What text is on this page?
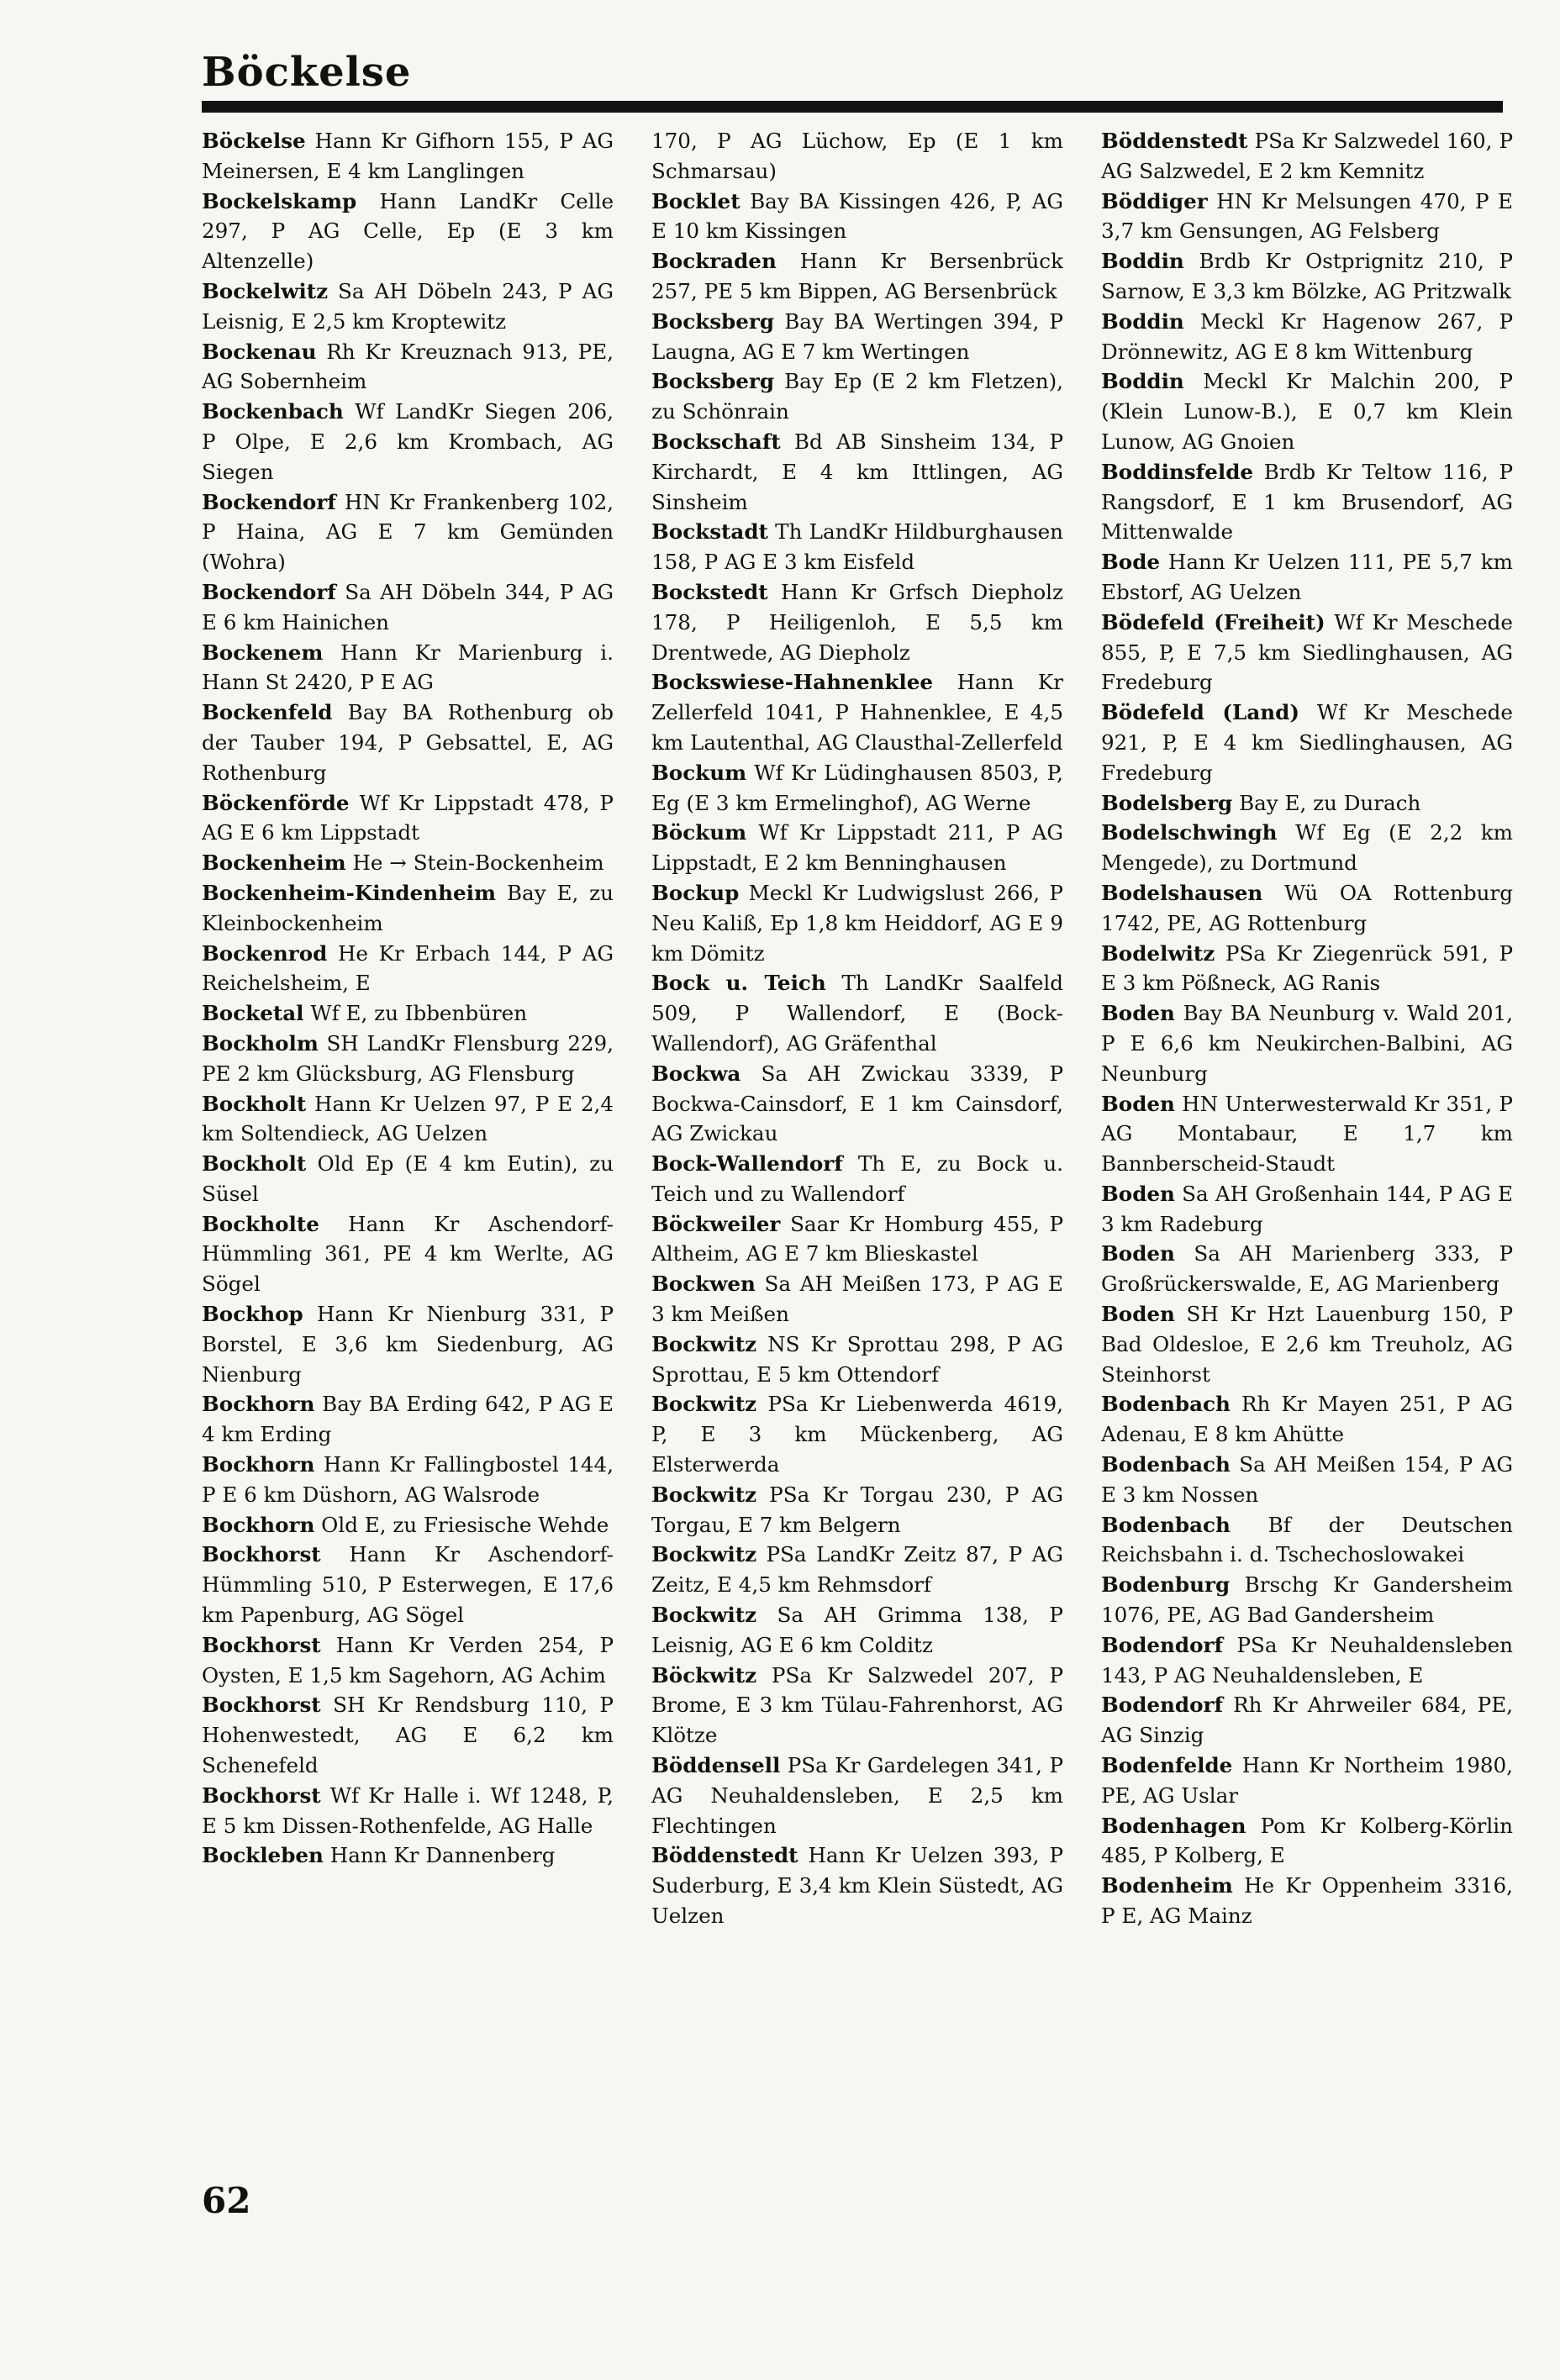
Böckelse
Böckelse Hann Kr Gifhorn 155, P AG Meinersen, E 4 km Langlingen
Bockelskamp Hann LandKr Celle 297, P AG Celle, Ep (E 3 km Altenzelle)
Bockelwitz Sa AH Döbeln 243, P AG Leisnig, E 2,5 km Kroptewitz
Bockenau Rh Kr Kreuznach 913, PE, AG Sobernheim
Bockenbach Wf LandKr Siegen 206, P Olpe, E 2,6 km Krombach, AG Siegen
Bockendorf HN Kr Frankenberg 102, P Haina, AG E 7 km Gemünden (Wohra)
Bockendorf Sa AH Döbeln 344, P AG E 6 km Hainichen
Bockenem Hann Kr Marienburg i. Hann St 2420, P E AG
Bockenfeld Bay BA Rothenburg ob der Tauber 194, P Gebsattel, E, AG Rothenburg
Böckenförde Wf Kr Lippstadt 478, P AG E 6 km Lippstadt
Bockenheim He → Stein-Bockenheim
Bockenheim-Kindenheim Bay E, zu Kleinbockenheim
Bockenrod He Kr Erbach 144, P AG Reichelsheim, E
Bocketal Wf E, zu Ibbenbüren
Bockholm SH LandKr Flensburg 229, PE 2 km Glücksburg, AG Flensburg
Bockholt Hann Kr Uelzen 97, P E 2,4 km Soltendieck, AG Uelzen
Bockholt Old Ep (E 4 km Eutin), zu Süsel
Bockholte Hann Kr Aschendorf-Hümmling 361, PE 4 km Werlte, AG Sögel
Bockhop Hann Kr Nienburg 331, P Borstel, E 3,6 km Siedenburg, AG Nienburg
Bockhorn Bay BA Erding 642, P AG E 4 km Erding
Bockhorn Hann Kr Fallingbostel 144, P E 6 km Düshorn, AG Walsrode
Bockhorn Old E, zu Friesische Wehde
Bockhorst Hann Kr Aschendorf-Hümmling 510, P Esterwegen, E 17,6 km Papenburg, AG Sögel
Bockhorst Hann Kr Verden 254, P Oysten, E 1,5 km Sagehorn, AG Achim
Bockhorst SH Kr Rendsburg 110, P Hohenwestedt, AG E 6,2 km Schenefeld
Bockhorst Wf Kr Halle i. Wf 1248, P, E 5 km Dissen-Rothenfelde, AG Halle
Bockleben Hann Kr Dannenberg
170, P AG Lüchow, Ep (E 1 km Schmarsau)
Bocklet Bay BA Kissingen 426, P, AG E 10 km Kissingen
Bockraden Hann Kr Bersenbrück 257, PE 5 km Bippen, AG Bersenbrück
Bocksberg Bay BA Wertingen 394, P Laugna, AG E 7 km Wertingen
Bocksberg Bay Ep (E 2 km Fletzen), zu Schönrain
Bockschaft Bd AB Sinsheim 134, P Kirchardt, E 4 km Ittlingen, AG Sinsheim
Bockstadt Th LandKr Hildburghausen 158, P AG E 3 km Eisfeld
Bockstedt Hann Kr Grfsch Diepholz 178, P Heiligenloh, E 5,5 km Drentwede, AG Diepholz
Bockswiese-Hahnenklee Hann Kr Zellerfeld 1041, P Hahnenklee, E 4,5 km Lautenthal, AG Clausthal-Zellerfeld
Bockum Wf Kr Lüdinghausen 8503, P, Eg (E 3 km Ermelinghof), AG Werne
Böckum Wf Kr Lippstadt 211, P AG Lippstadt, E 2 km Benninghausen
Bockup Meckl Kr Ludwigslust 266, P Neu Kaliß, Ep 1,8 km Heiddorf, AG E 9 km Dömitz
Bock u. Teich Th LandKr Saalfeld 509, P Wallendorf, E (Bock-Wallendorf), AG Gräfenthal
Bockwa Sa AH Zwickau 3339, P Bockwa-Cainsdorf, E 1 km Cainsdorf, AG Zwickau
Bock-Wallendorf Th E, zu Bock u. Teich und zu Wallendorf
Böckweiler Saar Kr Homburg 455, P Altheim, AG E 7 km Blieskastel
Bockwen Sa AH Meißen 173, P AG E 3 km Meißen
Bockwitz NS Kr Sprottau 298, P AG Sprottau, E 5 km Ottendorf
Bockwitz PSa Kr Liebenwerda 4619, P, E 3 km Mückenberg, AG Elsterwerda
Bockwitz PSa Kr Torgau 230, P AG Torgau, E 7 km Belgern
Bockwitz PSa LandKr Zeitz 87, P AG Zeitz, E 4,5 km Rehmsdorf
Bockwitz Sa AH Grimma 138, P Leisnig, AG E 6 km Colditz
Böckwitz PSa Kr Salzwedel 207, P Brome, E 3 km Tülau-Fahrenhorst, AG Klötze
Böddensell PSa Kr Gardelegen 341, P AG Neuhaldensleben, E 2,5 km Flechtingen
Böddenstedt Hann Kr Uelzen 393, P Suderburg, E 3,4 km Klein Süstedt, AG Uelzen
Böddenstedt PSa Kr Salzwedel 160, P AG Salzwedel, E 2 km Kemnitz
Böddiger HN Kr Melsungen 470, P E 3,7 km Gensungen, AG Felsberg
Boddin Brdb Kr Ostprignitz 210, P Sarnow, E 3,3 km Bölzke, AG Pritzwalk
Boddin Meckl Kr Hagenow 267, P Drönnewitz, AG E 8 km Wittenburg
Boddin Meckl Kr Malchin 200, P (Klein Lunow-B.), E 0,7 km Klein Lunow, AG Gnoien
Boddinsfelde Brdb Kr Teltow 116, P Rangsdorf, E 1 km Brusendorf, AG Mittenwalde
Bode Hann Kr Uelzen 111, PE 5,7 km Ebstorf, AG Uelzen
Bödefeld (Freiheit) Wf Kr Meschede 855, P, E 7,5 km Siedlinghausen, AG Fredeburg
Bödefeld (Land) Wf Kr Meschede 921, P, E 4 km Siedlinghausen, AG Fredeburg
Bodelsberg Bay E, zu Durach
Bodelschwingh Wf Eg (E 2,2 km Mengede), zu Dortmund
Bodelshausen Wü OA Rottenburg 1742, PE, AG Rottenburg
Bodelwitz PSa Kr Ziegenrück 591, P E 3 km Pößneck, AG Ranis
Boden Bay BA Neunburg v. Wald 201, P E 6,6 km Neukirchen-Balbini, AG Neunburg
Boden HN Unterwesterwald Kr 351, P AG Montabaur, E 1,7 km Bannberscheid-Staudt
Boden Sa AH Großenhain 144, P AG E 3 km Radeburg
Boden Sa AH Marienberg 333, P Großrückerswalde, E, AG Marienberg
Boden SH Kr Hzt Lauenburg 150, P Bad Oldesloe, E 2,6 km Treuholz, AG Steinhorst
Bodenbach Rh Kr Mayen 251, P AG Adenau, E 8 km Ahütte
Bodenbach Sa AH Meißen 154, P AG E 3 km Nossen
Bodenbach Bf der Deutschen Reichsbahn i. d. Tschechoslowakei
Bodenburg Brschg Kr Gandersheim 1076, PE, AG Bad Gandersheim
Bodendorf PSa Kr Neuhaldensleben 143, P AG Neuhaldensleben, E
Bodendorf Rh Kr Ahrweiler 684, PE, AG Sinzig
Bodenfelde Hann Kr Northeim 1980, PE, AG Uslar
Bodenhagen Pom Kr Kolberg-Körlin 485, P Kolberg, E
Bodenheim He Kr Oppenheim 3316, P E, AG Mainz
62
